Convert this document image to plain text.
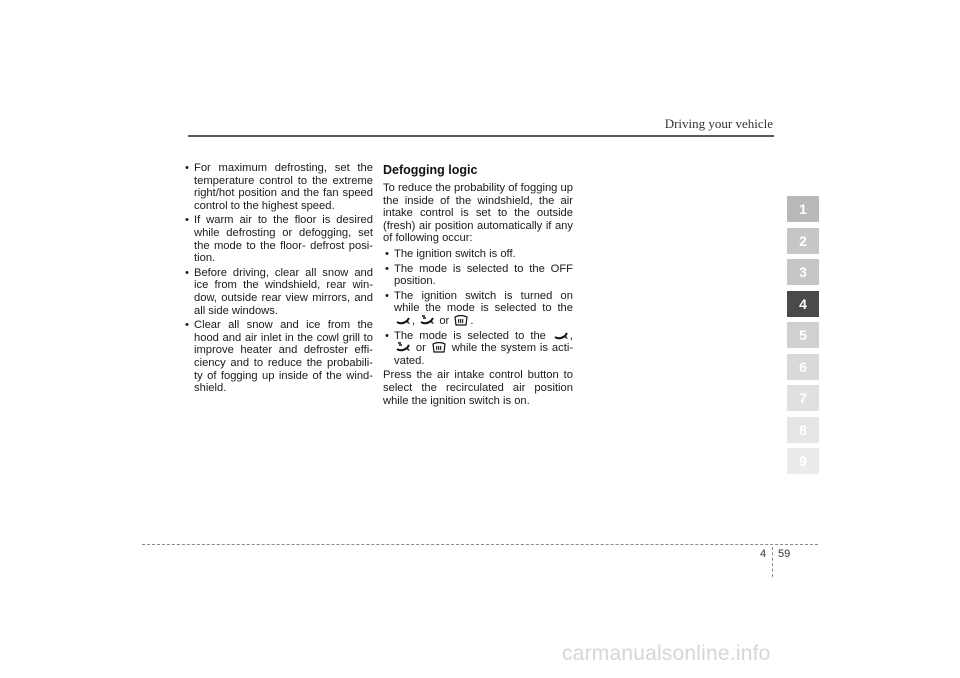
Driving your vehicle
• For maximum defrosting, set the temperature control to the extreme right/hot position and the fan speed control to the highest speed.
• If warm air to the floor is desired while defrosting or defogging, set the mode to the floor- defrost posi-tion.
• Before driving, clear all snow and ice from the windshield, rear win-dow, outside rear view mirrors, and all side windows.
• Clear all snow and ice from the hood and air inlet in the cowl grill to improve heater and defroster effi-ciency and to reduce the probabili-ty of fogging up inside of the wind-shield.
Defogging logic

To reduce the probability of fogging up the inside of the windshield, the air intake control is set to the outside (fresh) air position automatically if any of following occur:

• The ignition switch is off.
• The mode is selected to the OFF position.
• The ignition switch is turned on while the mode is selected to the
, or .
• The mode is selected to the ,
or while the system is acti-vated.

Press the air intake control button to select the recirculated air position while the ignition switch is on.

1
2
3
4
5
6
7
8
9
4 59
carmanualsonline.info
